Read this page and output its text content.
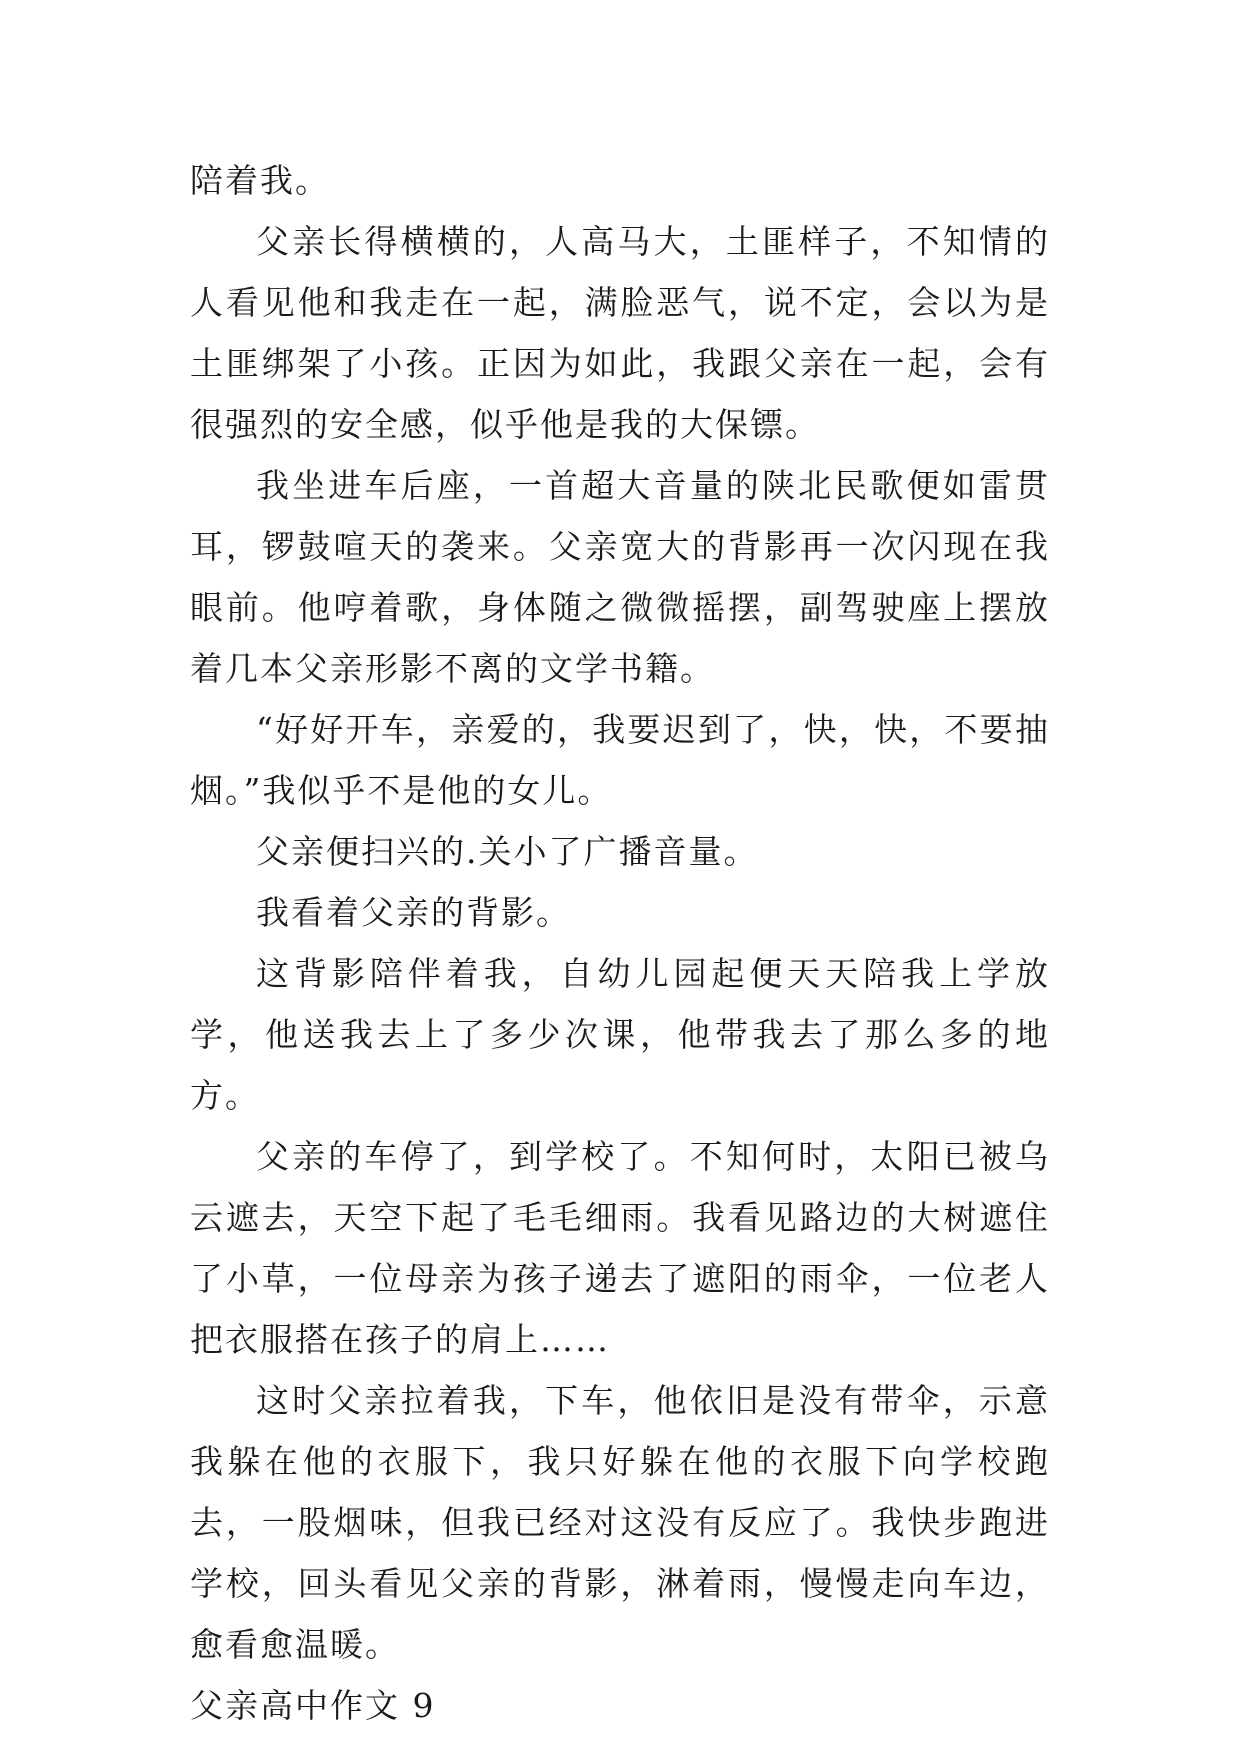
陪着我。

父亲长得横横的，人高马大，土匪样子，不知情的人看见他和我走在一起，满脸恶气，说不定，会以为是土匪绑架了小孩。正因为如此，我跟父亲在一起，会有很强烈的安全感，似乎他是我的大保镖。

我坐进车后座，一首超大音量的陕北民歌便如雷贯耳，锣鼓喧天的袭来。父亲宽大的背影再一次闪现在我眼前。他哼着歌，身体随之微微摇摆，副驾驶座上摆放着几本父亲形影不离的文学书籍。

“好好开车，亲爱的，我要迟到了，快，快，不要抽烟。”我似乎不是他的女儿。

父亲便扫兴的.关小了广播音量。

我看着父亲的背影。

这背影陪伴着我，自幼儿园起便天天陪我上学放学，他送我去上了多少次课，他带我去了那么多的地方。

父亲的车停了，到学校了。不知何时，太阳已被乌云遮去，天空下起了毛毛细雨。我看见路边的大树遮住了小草，一位母亲为孩子递去了遮阳的雨伞，一位老人把衣服搭在孩子的肩上……

这时父亲拉着我，下车，他依旧是没有带伞，示意我躲在他的衣服下，我只好躲在他的衣服下向学校跑去，一股烟味，但我已经对这没有反应了。我快步跑进学校，回头看见父亲的背影，淋着雨，慢慢走向车边，愈看愈温暖。

父亲高中作文 9
